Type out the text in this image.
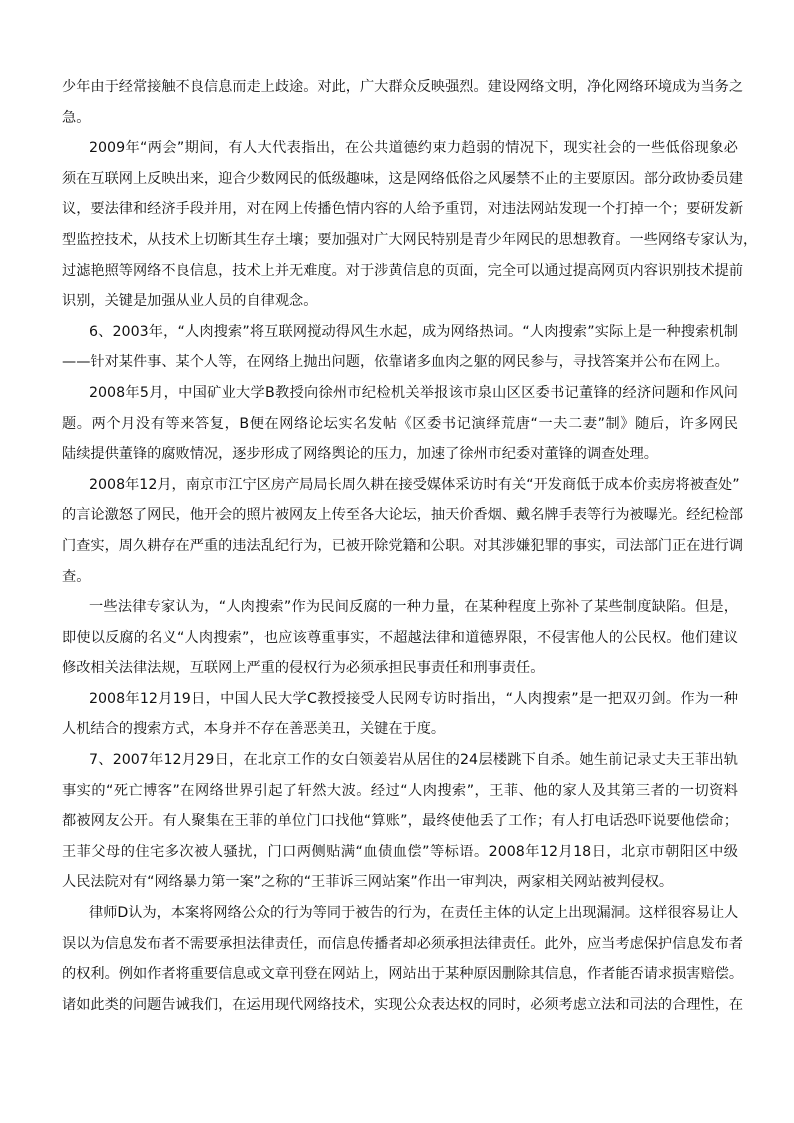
少年由于经常接触不良信息而走上歧途。对此，广大群众反映强烈。建设网络文明，净化网络环境成为当务之
急。
2009年“两会”期间，有人大代表指出，在公共道德约束力趋弱的情况下，现实社会的一些低俗现象必
须在互联网上反映出来，迎合少数网民的低级趣味，这是网络低俗之风屡禁不止的主要原因。部分政协委员建
议，要法律和经济手段并用，对在网上传播色情内容的人给予重罚，对违法网站发现一个打掉一个；要研发新
型监控技术，从技术上切断其生存土壤；要加强对广大网民特别是青少年网民的思想教育。一些网络专家认为，
过滤艳照等网络不良信息，技术上并无难度。对于涉黄信息的页面，完全可以通过提高网页内容识别技术提前
识别，关键是加强从业人员的自律观念。
6、2003年，“人肉搜索”将互联网搅动得风生水起，成为网络热词。“人肉搜索”实际上是一种搜索机制
——针对某件事、某个人等，在网络上抛出问题，依靠诸多血肉之躯的网民参与，寻找答案并公布在网上。
2008年5月，中国矿业大学B教授向徐州市纪检机关举报该市泉山区区委书记董锋的经济问题和作风问
题。两个月没有等来答复，B便在网络论坛实名发帖《区委书记演绎荒唐“一夫二妻”制》随后，许多网民
陆续提供董锋的腐败情况，逐步形成了网络舆论的压力，加速了徐州市纪委对董锋的调查处理。
2008年12月，南京市江宁区房产局局长周久耕在接受媒体采访时有关“开发商低于成本价卖房将被查处”
的言论激怒了网民，他开会的照片被网友上传至各大论坛，抽天价香烟、戴名牌手表等行为被曝光。经纪检部
门查实，周久耕存在严重的违法乱纪行为，已被开除党籍和公职。对其涉嫌犯罪的事实，司法部门正在进行调
查。
一些法律专家认为，“人肉搜索”作为民间反腐的一种力量，在某种程度上弥补了某些制度缺陷。但是，
即使以反腐的名义“人肉搜索”，也应该尊重事实，不超越法律和道德界限，不侵害他人的公民权。他们建议
修改相关法律法规，互联网上严重的侵权行为必须承担民事责任和刑事责任。
2008年12月19日，中国人民大学C教授接受人民网专访时指出，“人肉搜索”是一把双刃剑。作为一种
人机结合的搜索方式，本身并不存在善恶美丑，关键在于度。
7、2007年12月29日，在北京工作的女白领姜岩从居住的24层楼跳下自杀。她生前记录丈夫王菲出轨
事实的“死亡博客”在网络世界引起了轩然大波。经过“人肉搜索”，王菲、他的家人及其第三者的一切资料
都被网友公开。有人聚集在王菲的单位门口找他“算账”，最终使他丢了工作；有人打电话恐吓说要他偿命；
王菲父母的住宅多次被人骚扰，门口两侧贴满“血债血偿”等标语。2008年12月18日，北京市朝阳区中级
人民法院对有“网络暴力第一案”之称的“王菲诉三网站案”作出一审判决，两家相关网站被判侵权。
律师D认为，本案将网络公众的行为等同于被告的行为，在责任主体的认定上出现漏洞。这样很容易让人
误以为信息发布者不需要承担法律责任，而信息传播者却必须承担法律责任。此外，应当考虑保护信息发布者
的权利。例如作者将重要信息或文章刊登在网站上，网站出于某种原因删除其信息，作者能否请求损害赔偿。
诸如此类的问题告诫我们，在运用现代网络技术，实现公众表达权的同时，必须考虑立法和司法的合理性，在
